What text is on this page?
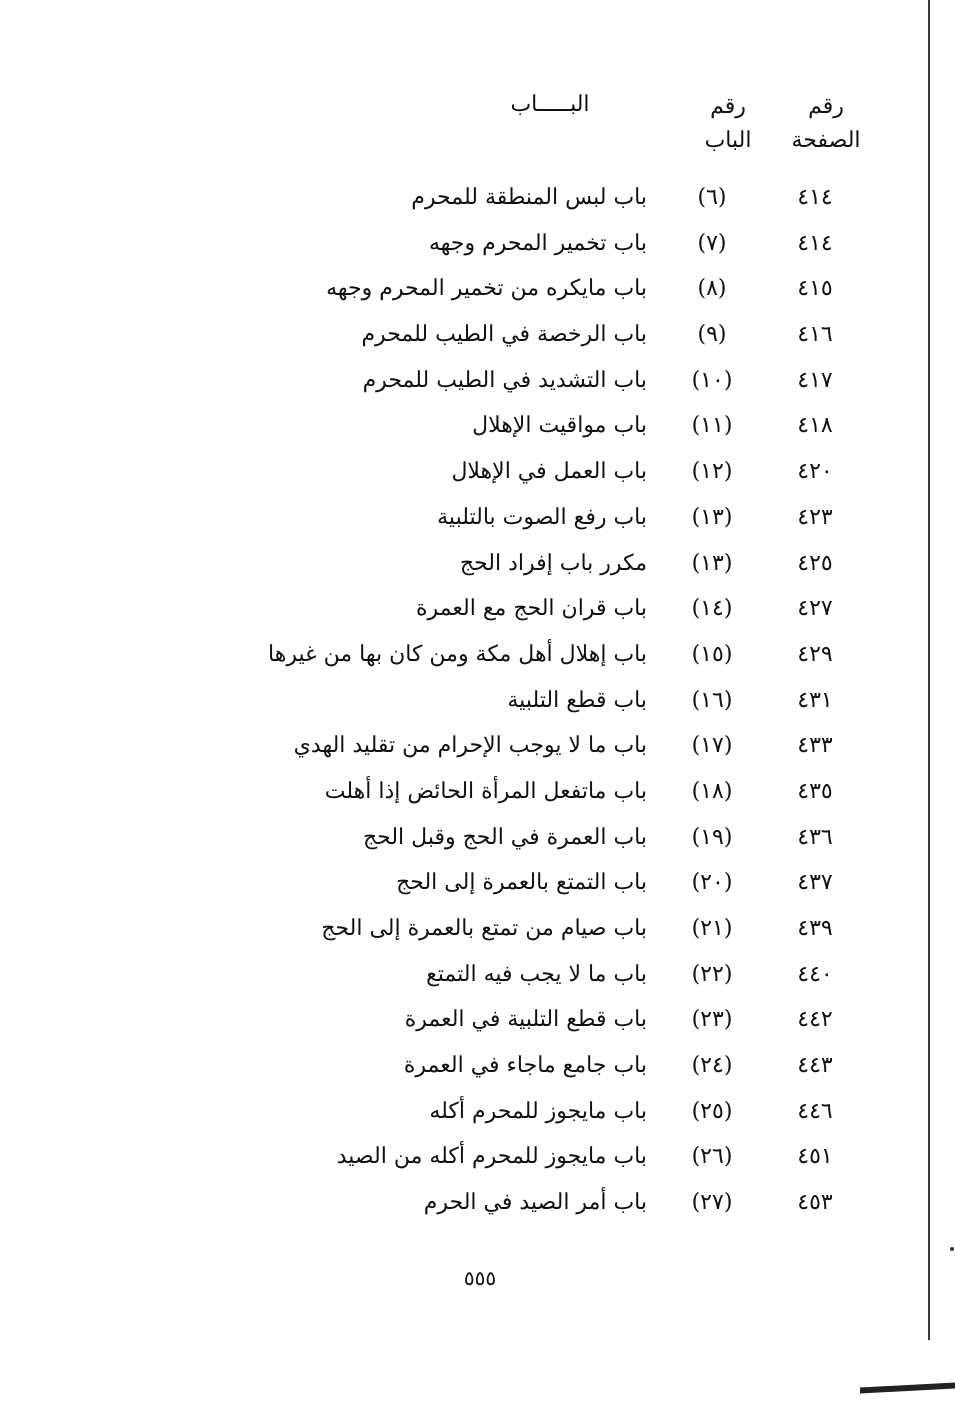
رقم الصفحة
رقم الباب
البـــــاب
٤١٤
(٦)
باب لبس المنطقة للمحرم
٤١٤
(٧)
باب تخمير المحرم وجهه
٤١٥
(٨)
باب مايكره من تخمير المحرم وجهه
٤١٦
(٩)
باب الرخصة في الطيب للمحرم
٤١٧
(١٠)
باب التشديد في الطيب للمحرم
٤١٨
(١١)
باب مواقيت الإهلال
٤٢٠
(١٢)
باب العمل في الإهلال
٤٢٣
(١٣)
باب رفع الصوت بالتلبية
٤٢٥
(١٣)
مكرر باب إفراد الحج
٤٢٧
(١٤)
باب قران الحج مع العمرة
٤٢٩
(١٥)
باب إهلال أهل مكة ومن كان بها من غيرها
٤٣١
(١٦)
باب قطع التلبية
٤٣٣
(١٧)
باب ما لا يوجب الإحرام من تقليد الهدي
٤٣٥
(١٨)
باب ماتفعل المرأة الحائض إذا أهلت
٤٣٦
(١٩)
باب العمرة في الحج وقبل الحج
٤٣٧
(٢٠)
باب التمتع بالعمرة إلى الحج
٤٣٩
(٢١)
باب صيام من تمتع بالعمرة إلى الحج
٤٤٠
(٢٢)
باب ما لا يجب فيه التمتع
٤٤٢
(٢٣)
باب قطع التلبية في العمرة
٤٤٣
(٢٤)
باب جامع ماجاء في العمرة
٤٤٦
(٢٥)
باب مايجوز للمحرم أكله
٤٥١
(٢٦)
باب مايجوز للمحرم أكله من الصيد
٤٥٣
(٢٧)
باب أمر الصيد في الحرم
٥٥٥
